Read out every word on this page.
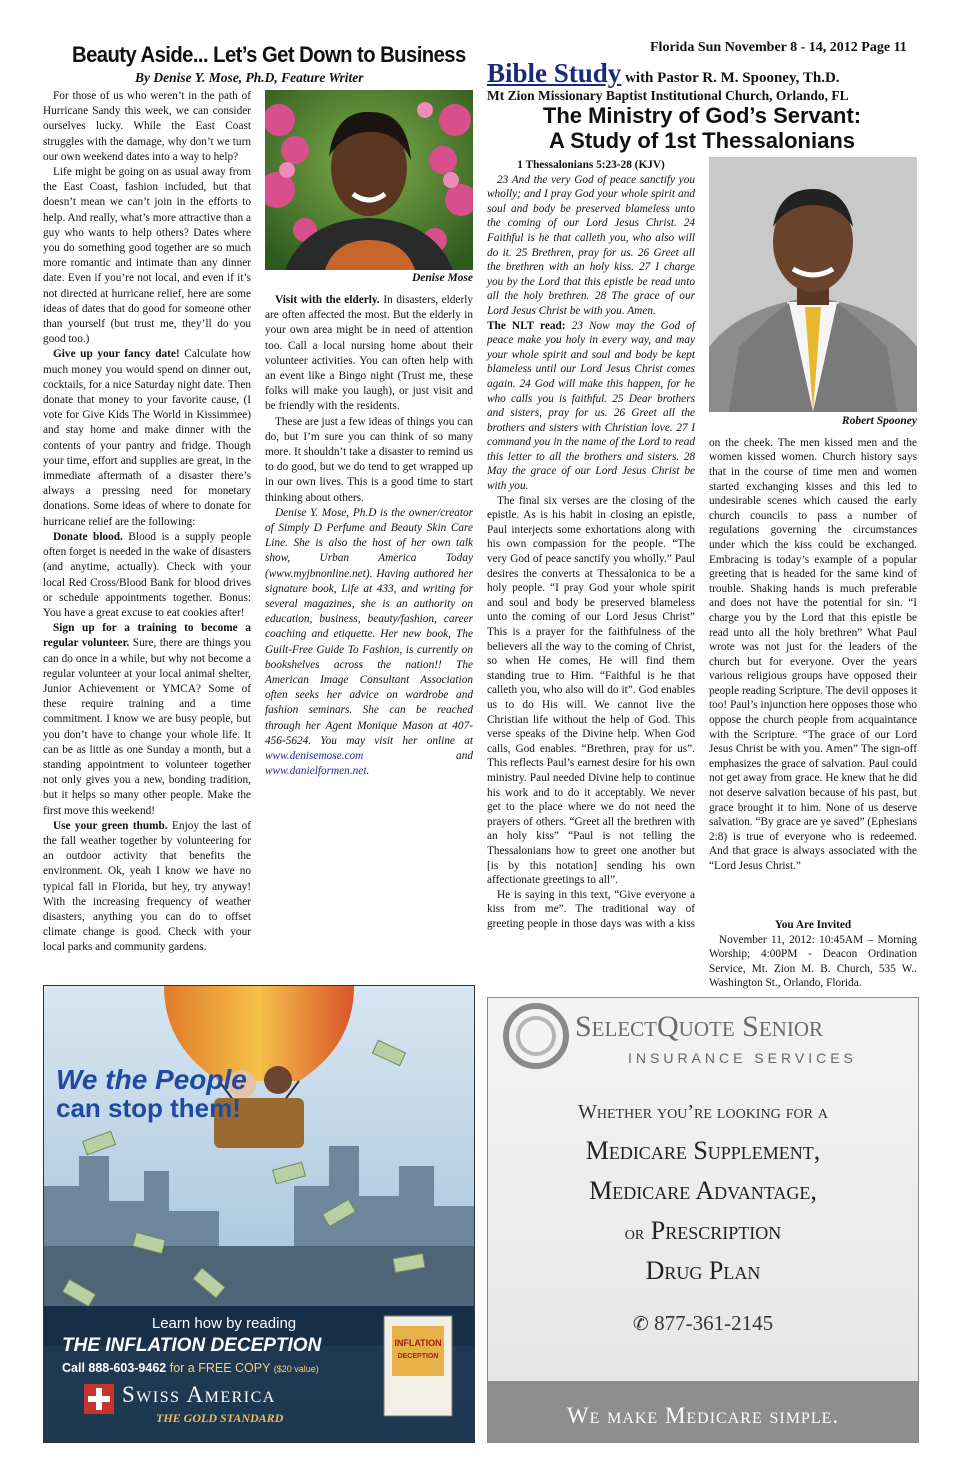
Florida Sun November 8 - 14, 2012 Page 11
Beauty Aside... Let’s Get Down to Business
By Denise Y. Mose, Ph.D, Feature Writer
Denise Mose

For those of us who weren’t in the path of Hurricane Sandy this week, we can consider ourselves lucky. While the East Coast struggles with the damage, why don’t we turn our own weekend dates into a way to help?

Life might be going on as usual away from the East Coast, fashion included, but that doesn’t mean we can’t join in the efforts to help. And really, what’s more attractive than a guy who wants to help others? Dates where you do something good together are so much more romantic and intimate than any dinner date. Even if you’re not local, and even if it’s not directed at hurricane relief, here are some ideas of dates that do good for someone other than yourself (but trust me, they’ll do you good too.)

Give up your fancy date! Calculate how much money you would spend on dinner out, cocktails, for a nice Saturday night date. Then donate that money to your favorite cause, (I vote for Give Kids The World in Kissimmee) and stay home and make dinner with the contents of your pantry and fridge. Though your time, effort and supplies are great, in the immediate aftermath of a disaster there’s always a pressing need for monetary donations. Some ideas of where to donate for hurricane relief are the following:

Donate blood. Blood is a supply people often forget is needed in the wake of disasters (and anytime, actually). Check with your local Red Cross/Blood Bank for blood drives or schedule appointments together. Bonus: You have a great excuse to eat cookies after!

Sign up for a training to become a regular volunteer. Sure, there are things you can do once in a while, but why not become a regular volunteer at your local animal shelter, Junior Achievement or YMCA? Some of these require training and a time commitment. I know we are busy people, but you don’t have to change your whole life. It can be as little as one Sunday a month, but a standing appointment to volunteer together not only gives you a new, bonding tradition, but it helps so many other people. Make the first move this weekend!

Use your green thumb. Enjoy the last of the fall weather together by volunteering for an outdoor activity that benefits the environment. Ok, yeah I know we have no typical fall in Florida, but hey, try anyway! With the increasing frequency of weather disasters, anything you can do to offset climate change is good. Check with your local parks and community gardens.

Visit with the elderly. In disasters, elderly are often affected the most. But the elderly in your own area might be in need of attention too. Call a local nursing home about their volunteer activities. You can often help with an event like a Bingo night (Trust me, these folks will make you laugh), or just visit and be friendly with the residents.

These are just a few ideas of things you can do, but I’m sure you can think of so many more. It shouldn’t take a disaster to remind us to do good, but we do tend to get wrapped up in our own lives. This is a good time to start thinking about others.

Denise Y. Mose, Ph.D is the owner/creator of Simply D Perfume and Beauty Skin Care Line. She is also the host of her own talk show, Urban America Today (www.myjbnonline.net). Having authored her signature book, Life at 433, and writing for several magazines, she is an authority on education, business, beauty/fashion, career coaching and etiquette. Her new book, The Guilt-Free Guide To Fashion, is currently on bookshelves across the nation!! The American Image Consultant Association often seeks her advice on wardrobe and fashion seminars. She can be reached through her Agent Monique Mason at 407-456-5624. You may visit her online at www.denisemose.com and www.danielformen.net.

Bible Study with Pastor R. M. Spooney, Th.D.
Mt Zion Missionary Baptist Institutional Church, Orlando, FL
The Ministry of God’s Servant:
A Study of 1st Thessalonians
Robert Spooney

1 Thessalonians 5:23-28 (KJV)

23 And the very God of peace sanctify you wholly; and I pray God your whole spirit and soul and body be preserved blameless unto the coming of our Lord Jesus Christ. 24 Faithful is he that calleth you, who also will do it. 25 Brethren, pray for us. 26 Greet all the brethren with an holy kiss. 27 I charge you by the Lord that this epistle be read unto all the holy brethren. 28 The grace of our Lord Jesus Christ be with you. Amen.

The NLT read: 23 Now may the God of peace make you holy in every way, and may your whole spirit and soul and body be kept blameless until our Lord Jesus Christ comes again. 24 God will make this happen, for he who calls you is faithful. 25 Dear brothers and sisters, pray for us. 26 Greet all the brothers and sisters with Christian love. 27 I command you in the name of the Lord to read this letter to all the brothers and sisters. 28 May the grace of our Lord Jesus Christ be with you.

The final six verses are the closing of the epistle. As is his habit in closing an epistle, Paul interjects some exhortations along with his own compassion for the people. “The very God of peace sanctify you wholly.” Paul desires the converts at Thessalonica to be a holy people. “I pray God your whole spirit and soul and body be preserved blameless unto the coming of our Lord Jesus Christ” This is a prayer for the faithfulness of the believers all the way to the coming of Christ, so when He comes, He will find them standing true to Him. “Faithful is he that calleth you, who also will do it”. God enables us to do His will. We cannot live the Christian life without the help of God. This verse speaks of the Divine help. When God calls, God enables. “Brethren, pray for us”. This reflects Paul’s earnest desire for his own ministry. Paul needed Divine help to continue his work and to do it acceptably. We never get to the place where we do not need the prayers of others. “Greet all the brethren with an holy kiss” “Paul is not telling the Thessalonians how to greet one another but [is by this notation] sending his own affectionate greetings to all”.

He is saying in this text, “Give everyone a kiss from me”. The traditional way of greeting people in those days was with a kiss

on the cheek. The men kissed men and the women kissed women. Church history says that in the course of time men and women started exchanging kisses and this led to undesirable scenes which caused the early church councils to pass a number of regulations governing the circumstances under which the kiss could be exchanged. Embracing is today’s example of a popular greeting that is headed for the same kind of trouble. Shaking hands is much preferable and does not have the potential for sin. “I charge you by the Lord that this epistle be read unto all the holy brethren” What Paul wrote was not just for the leaders of the church but for everyone. Over the years various religious groups have opposed their people reading Scripture. The devil opposes it too! Paul’s injunction here opposes those who oppose the church people from acquaintance with the Scripture. “The grace of our Lord Jesus Christ be with you. Amen” The sign-off emphasizes the grace of salvation. Paul could not get away from grace. He knew that he did not deserve salvation because of his past, but grace brought it to him. None of us deserve salvation. “By grace are ye saved” (Ephesians 2:8) is true of everyone who is redeemed. And that grace is always associated with the “Lord Jesus Christ.”

You Are Invited

November 11, 2012: 10:45AM – Morning Worship; 4:00PM - Deacon Ordination Service, Mt. Zion M. B. Church, 535 W.. Washington St., Orlando, Florida.

INFLATION
DECEPTION
We the People
can stop them!
Learn how by reading
THE INFLATION DECEPTION
Call 888-603-9462 for a FREE COPY ($20 value)
Swiss America
THE GOLD STANDARD
SelectQuote Senior
INSURANCE SERVICES
Whether you’re looking for a
Medicare Supplement,
Medicare Advantage,
or Prescription
Drug Plan
✆ 877-361-2145
We make Medicare simple.
